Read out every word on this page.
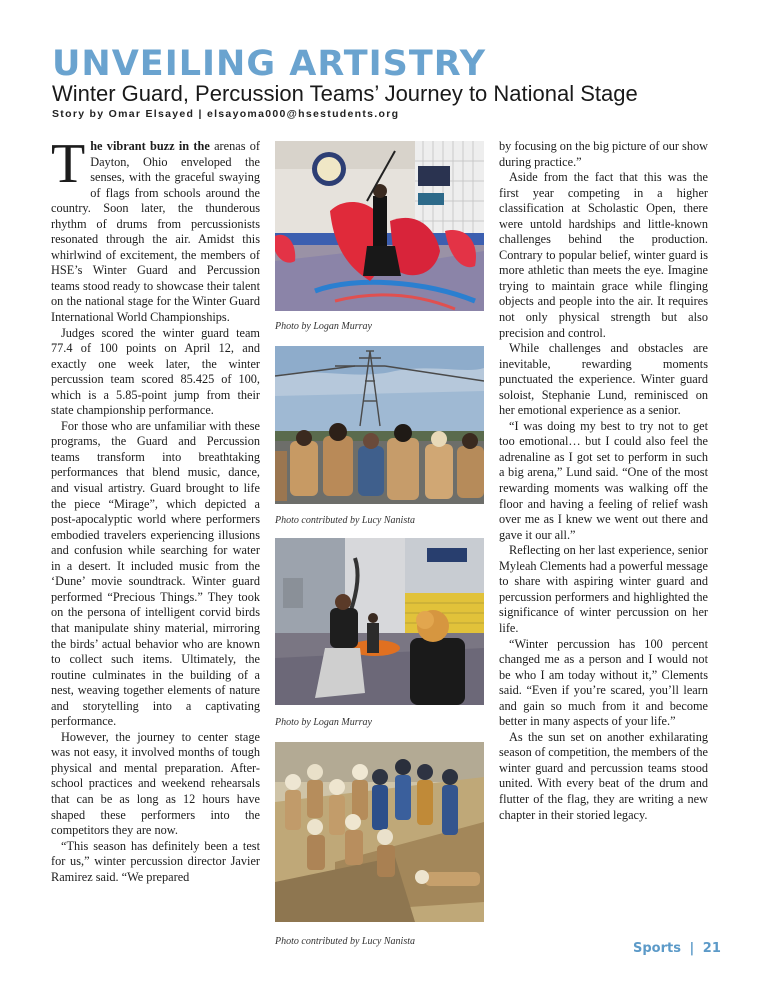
UNVEILING ARTISTRY
Winter Guard, Percussion Teams’ Journey to National Stage
Story by Omar Elsayed | elsayoma000@hsestudents.org

The vibrant buzz in the arenas of Dayton, Ohio enveloped the senses, with the graceful swaying of flags from schools around the country. Soon later, the thunderous rhythm of drums from percussionists resonated through the air. Amidst this whirlwind of excitement, the members of HSE’s Winter Guard and Percussion teams stood ready to showcase their talent on the national stage for the Winter Guard International World Championships.

Judges scored the winter guard team 77.4 of 100 points on April 12, and exactly one week later, the winter percussion team scored 85.425 of 100, which is a 5.85-point jump from their state championship performance.

For those who are unfamiliar with these programs, the Guard and Percussion teams transform into breathtaking performances that blend music, dance, and visual artistry. Guard brought to life the piece “Mirage”, which depicted a post-apocalyptic world where performers embodied travelers experiencing illusions and confusion while searching for water in a desert. It included music from the ‘Dune’ movie soundtrack. Winter guard performed “Precious Things.” They took on the persona of intelligent corvid birds that manipulate shiny material, mirroring the birds’ actual behavior who are known to collect such items. Ultimately, the routine culminates in the building of a nest, weaving together elements of nature and storytelling into a captivating performance.

However, the journey to center stage was not easy, it involved months of tough physical and mental preparation. After-school practices and weekend rehearsals that can be as long as 12 hours have shaped these performers into the competitors they are now.

“This season has definitely been a test for us,” winter percussion director Javier Ramirez said. “We prepared

Photo by Logan Murray
Photo contributed by Lucy Nanista
Photo by Logan Murray
Photo contributed by Lucy Nanista

by focusing on the big picture of our show during practice.”

Aside from the fact that this was the first year competing in a higher classification at Scholastic Open, there were untold hardships and little-known challenges behind the production. Contrary to popular belief, winter guard is more athletic than meets the eye. Imagine trying to maintain grace while flinging objects and people into the air. It requires not only physical strength but also precision and control.

While challenges and obstacles are inevitable, rewarding moments punctuated the experience. Winter guard soloist, Stephanie Lund, reminisced on her emotional experience as a senior.

“I was doing my best to try not to get too emotional… but I could also feel the adrenaline as I got set to perform in such a big arena,” Lund said. “One of the most rewarding moments was walking off the floor and having a feeling of relief wash over me as I knew we went out there and gave it our all.”

Reflecting on her last experience, senior Myleah Clements had a powerful message to share with aspiring winter guard and percussion performers and highlighted the significance of winter percussion on her life.

“Winter percussion has 100 percent changed me as a person and I would not be who I am today without it,” Clements said. “Even if you’re scared, you’ll learn and gain so much from it and become better in many aspects of your life.”

As the sun set on another exhilarating season of competition, the members of the winter guard and percussion teams stood united. With every beat of the drum and flutter of the flag, they are writing a new chapter in their storied legacy.

Sports | 21
